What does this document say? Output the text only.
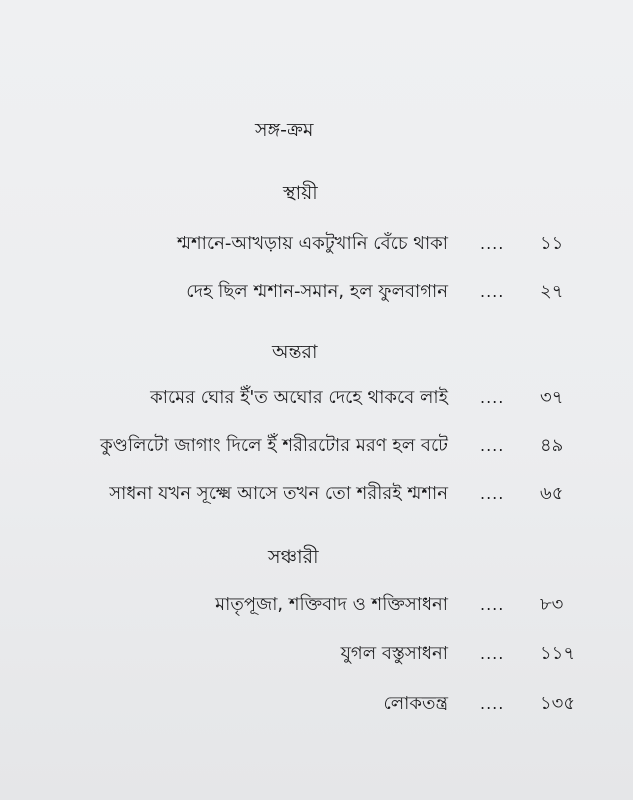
সঙ্গ-ক্রম
স্থায়ী
শ্মশানে-আখড়ায় একটুখানি বেঁচে থাকা .... ১১
দেহ ছিল শ্মশান-সমান, হল ফুলবাগান .... ২৭
অন্তরা
কামের ঘোর ইঁ'ত অঘোর দেহে থাকবে লাই .... ৩৭
কুণ্ডলিটো জাগাং দিলে ইঁ শরীরটোর মরণ হল বটে .... ৪৯
সাধনা যখন সূক্ষ্মে আসে তখন তো শরীরই শ্মশান .... ৬৫
সঞ্চারী
মাতৃপূজা, শক্তিবাদ ও শক্তিসাধনা .... ৮৩
যুগল বস্তুসাধনা .... ১১৭
লোকতন্ত্র .... ১৩৫
